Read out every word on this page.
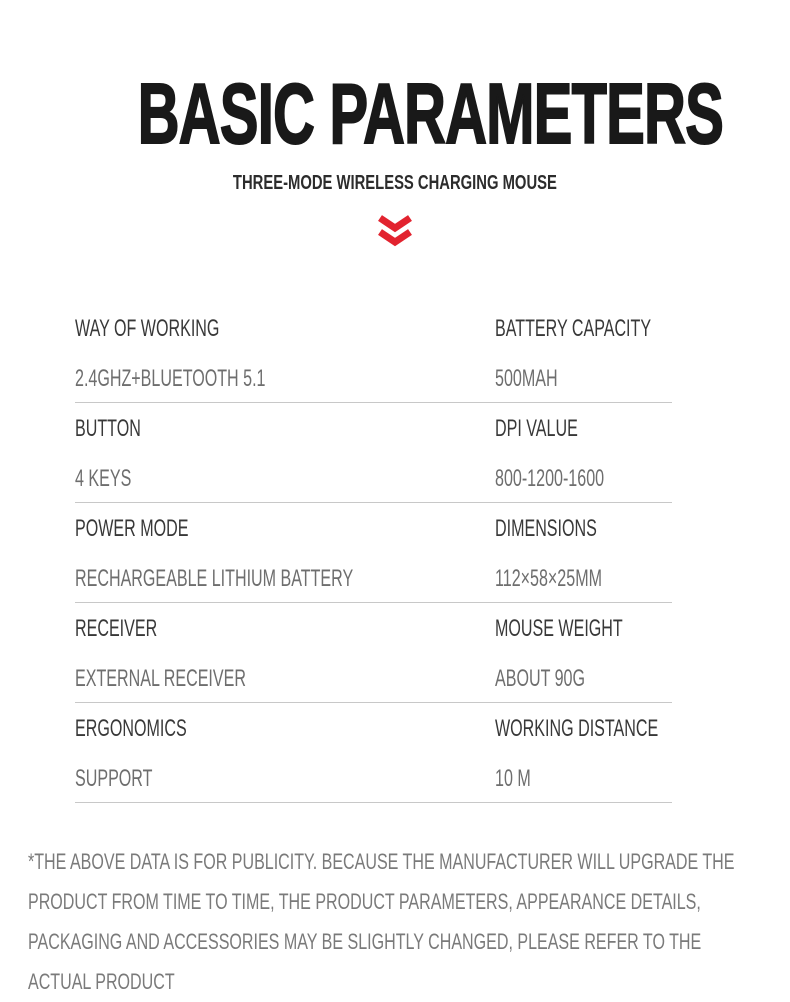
BASIC PARAMETERS
THREE-MODE WIRELESS CHARGING MOUSE
WAY OF WORKING
2.4GHZ+BLUETOOTH 5.1
BATTERY CAPACITY
500MAH
BUTTON
4 KEYS
DPI VALUE
800-1200-1600
POWER MODE
RECHARGEABLE LITHIUM BATTERY
DIMENSIONS
112×58×25MM
RECEIVER
EXTERNAL RECEIVER
MOUSE WEIGHT
ABOUT 90G
ERGONOMICS
SUPPORT
WORKING DISTANCE
10 M

*THE ABOVE DATA IS FOR PUBLICITY. BECAUSE THE MANUFACTURER WILL UPGRADE THE PRODUCT FROM TIME TO TIME, THE PRODUCT PARAMETERS, APPEARANCE DETAILS, PACKAGING AND ACCESSORIES MAY BE SLIGHTLY CHANGED, PLEASE REFER TO THE ACTUAL PRODUCT
